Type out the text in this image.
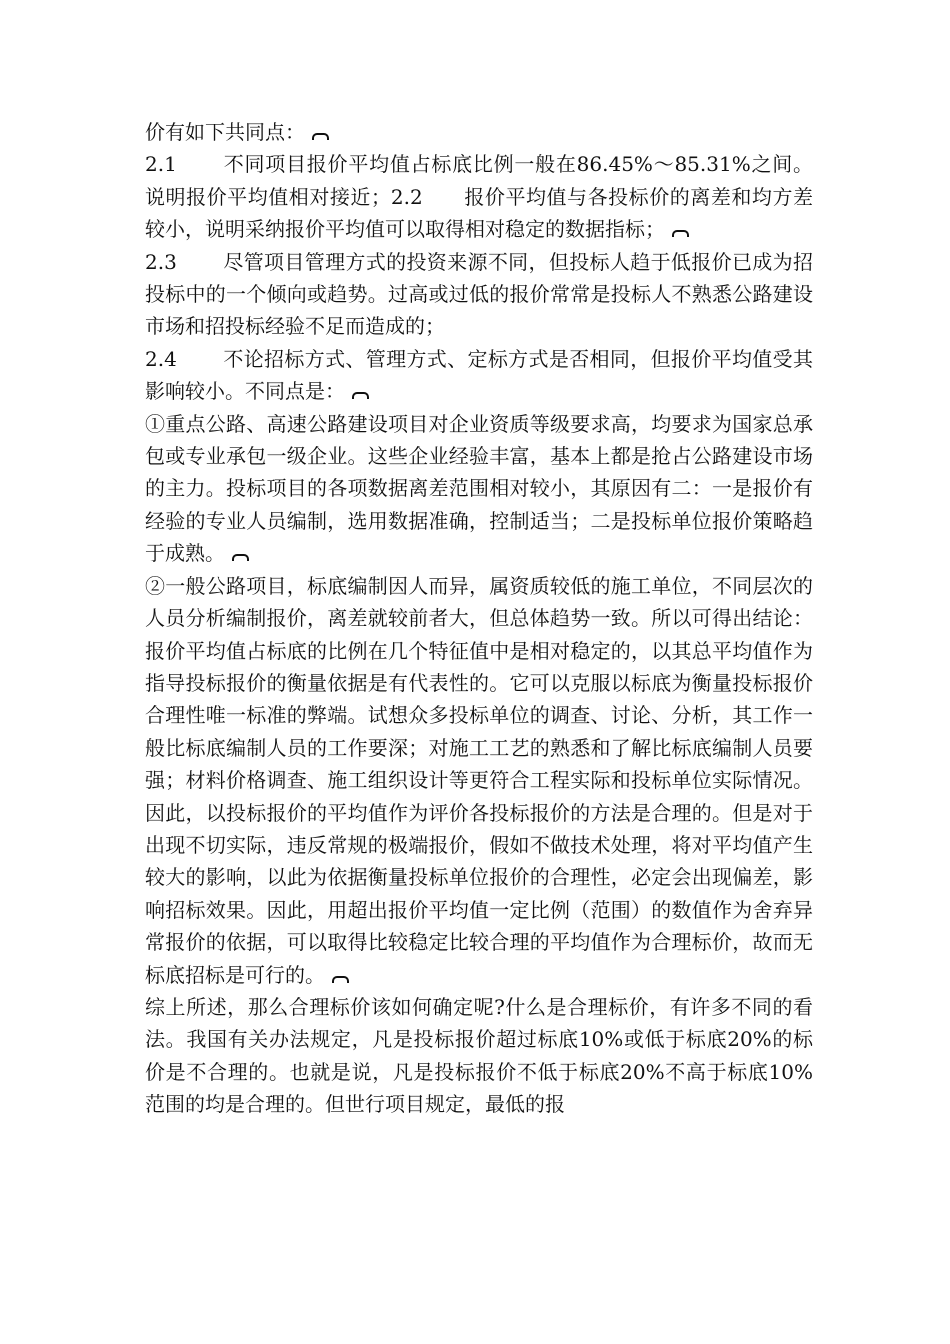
价有如下共同点：

2.1 不同项目报价平均值占标底比例一般在86.45%～85.31%之间。说明报价平均值相对接近；2.2　　报价平均值与各投标价的离差和均方差较小，说明采纳报价平均值可以取得相对稳定的数据指标；

2.3 尽管项目管理方式的投资来源不同，但投标人趋于低报价已成为招投标中的一个倾向或趋势。过高或过低的报价常常是投标人不熟悉公路建设市场和招投标经验不足而造成的；

2.4 不论招标方式、管理方式、定标方式是否相同，但报价平均值受其影响较小。不同点是：

①重点公路、高速公路建设项目对企业资质等级要求高，均要求为国家总承包或专业承包一级企业。这些企业经验丰富，基本上都是抢占公路建设市场的主力。投标项目的各项数据离差范围相对较小，其原因有二：一是报价有经验的专业人员编制，选用数据准确，控制适当；二是投标单位报价策略趋于成熟。

②一般公路项目，标底编制因人而异，属资质较低的施工单位，不同层次的人员分析编制报价，离差就较前者大，但总体趋势一致。所以可得出结论：报价平均值占标底的比例在几个特征值中是相对稳定的，以其总平均值作为指导投标报价的衡量依据是有代表性的。它可以克服以标底为衡量投标报价合理性唯一标准的弊端。试想众多投标单位的调查、讨论、分析，其工作一般比标底编制人员的工作要深；对施工工艺的熟悉和了解比标底编制人员要强；材料价格调查、施工组织设计等更符合工程实际和投标单位实际情况。因此，以投标报价的平均值作为评价各投标报价的方法是合理的。但是对于出现不切实际，违反常规的极端报价，假如不做技术处理，将对平均值产生较大的影响，以此为依据衡量投标单位报价的合理性，必定会出现偏差，影响招标效果。因此，用超出报价平均值一定比例（范围）的数值作为舍弃异常报价的依据，可以取得比较稳定比较合理的平均值作为合理标价，故而无标底招标是可行的。

综上所述，那么合理标价该如何确定呢?什么是合理标价，有许多不同的看法。我国有关办法规定，凡是投标报价超过标底10%或低于标底20%的标价是不合理的。也就是说，凡是投标报价不低于标底20%不高于标底10%范围的均是合理的。但世行项目规定，最低的报
